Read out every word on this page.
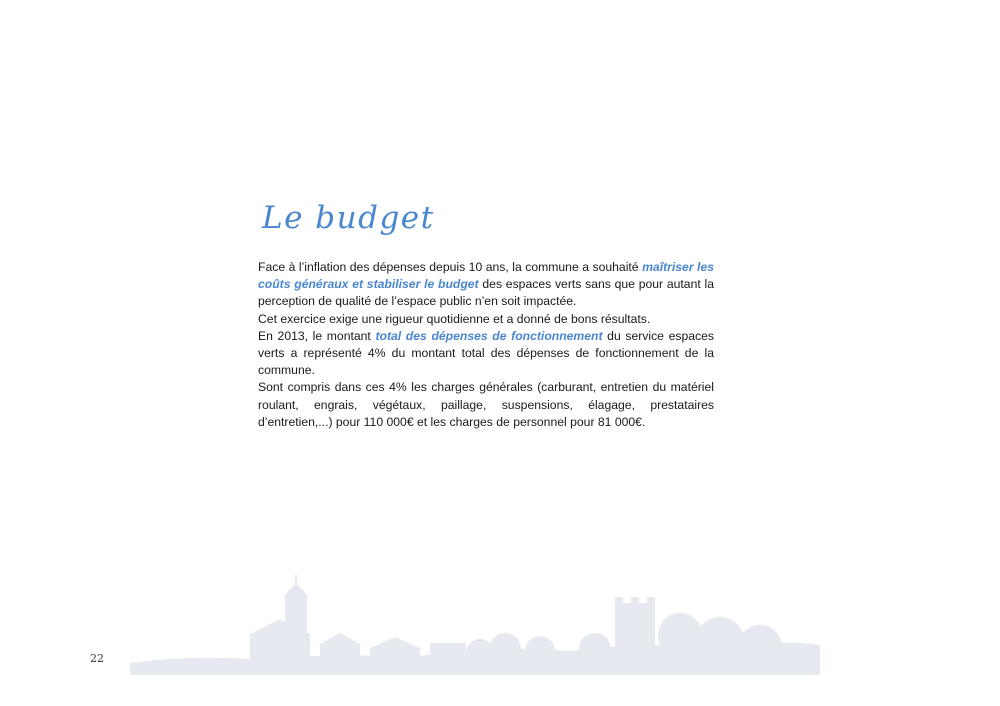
Le budget

Face à l’inflation des dépenses depuis 10 ans, la commune a souhaité maîtriser les coûts généraux et stabiliser le budget des espaces verts sans que pour autant la perception de qualité de l’espace public n’en soit impactée.

Cet exercice exige une rigueur quotidienne et a donné de bons résultats.

En 2013, le montant total des dépenses de fonctionnement du service espaces verts a représenté 4% du montant total des dépenses de fonctionnement de la commune.

Sont compris dans ces 4% les charges générales (carburant, entretien du matériel roulant, engrais, végétaux, paillage, suspensions, élagage, prestataires d’entretien,...) pour 110 000€ et les charges de personnel pour 81 000€.

22
